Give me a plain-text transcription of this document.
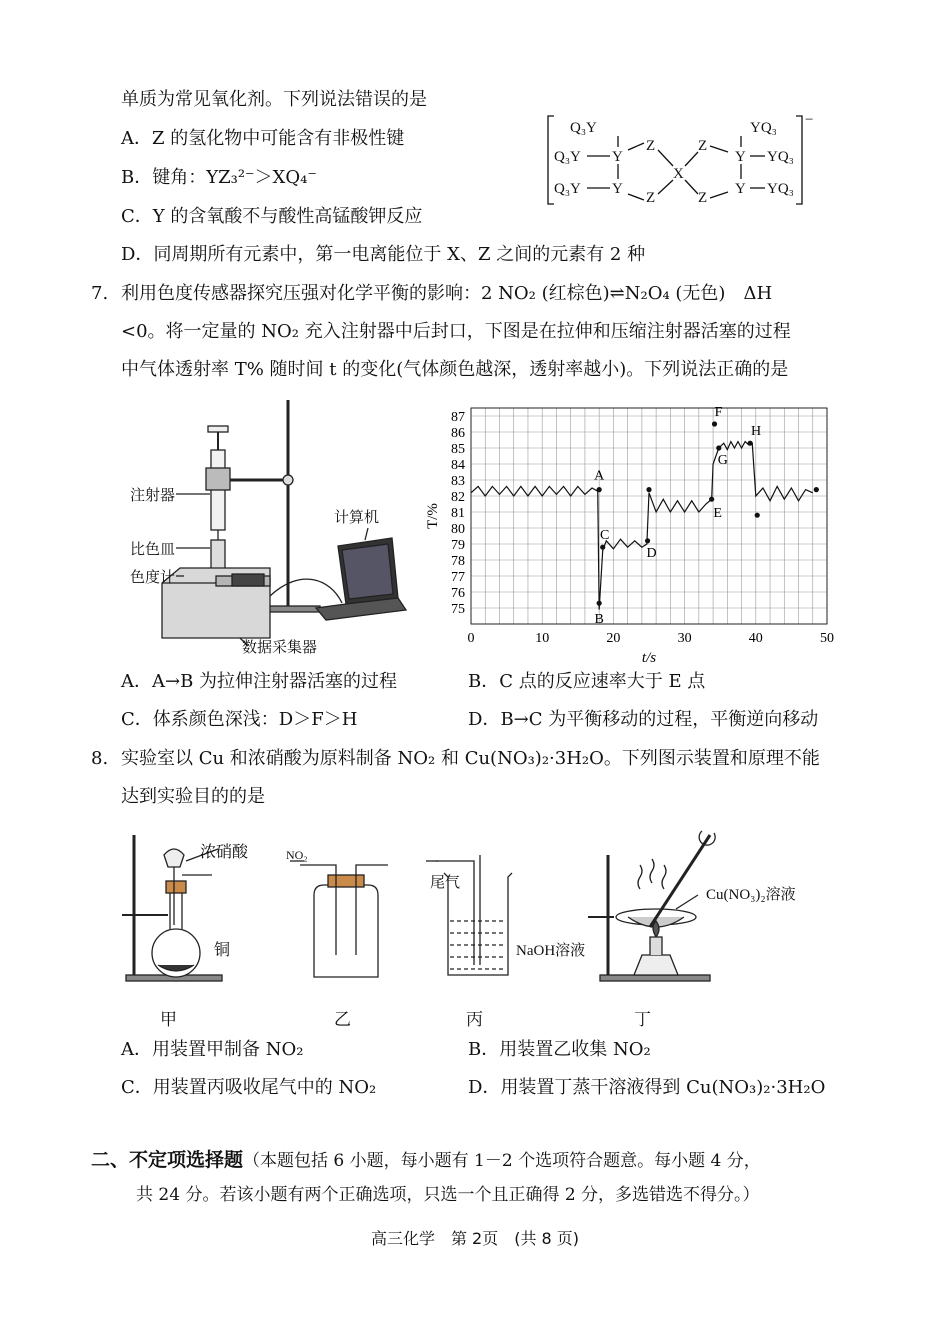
单质为常见氧化剂。下列说法错误的是
A．Z 的氢化物中可能含有非极性键
B．键角：YZ₃²⁻＞XQ₄⁻
C．Y 的含氧酸不与酸性高锰酸钾反应
D．同周期所有元素中，第一电离能位于 X、Z 之间的元素有 2 种
Q₃Y
Q₃Y
Q₃Y
Y
Y
Z
Z
X
Z
Z
Y
Y
YQ₃
YQ₃
YQ₃
−
7. 利用色度传感器探究压强对化学平衡的影响：2 NO₂ (红棕色)⇌N₂O₄ (无色)　ΔH
<0。将一定量的 NO₂ 充入注射器中后封口，下图是在拉伸和压缩注射器活塞的过程
中气体透射率 T% 随时间 t 的变化(气体颜色越深，透射率越小)。下列说法正确的是
注射器
比色皿
色度计
计算机
数据采集器
0	10	20	30	40	50
75
76
77
78
79
80
81
82
83
84
85
86
87
t/s
T/%
A
B
C
D
E
F
G
H
A．A→B 为拉伸注射器活塞的过程	B．C 点的反应速率大于 E 点
C．体系颜色深浅：D＞F＞H	D．B→C 为平衡移动的过程，平衡逆向移动
8. 实验室以 Cu 和浓硝酸为原料制备 NO₂ 和 Cu(NO₃)₂·3H₂O。下列图示装置和原理不能
达到实验目的的是
浓硝酸
铜
NO₂
尾气
NaOH溶液
Cu(NO₃)₂溶液
甲	乙	丙	丁
A．用装置甲制备 NO₂	B．用装置乙收集 NO₂
C．用装置丙吸收尾气中的 NO₂	D．用装置丁蒸干溶液得到 Cu(NO₃)₂·3H₂O
二、不定项选择题（本题包括 6 小题，每小题有 1－2 个选项符合题意。每小题 4 分，
共 24 分。若该小题有两个正确选项，只选一个且正确得 2 分，多选错选不得分。）
高三化学　第 2页　(共 8 页)
